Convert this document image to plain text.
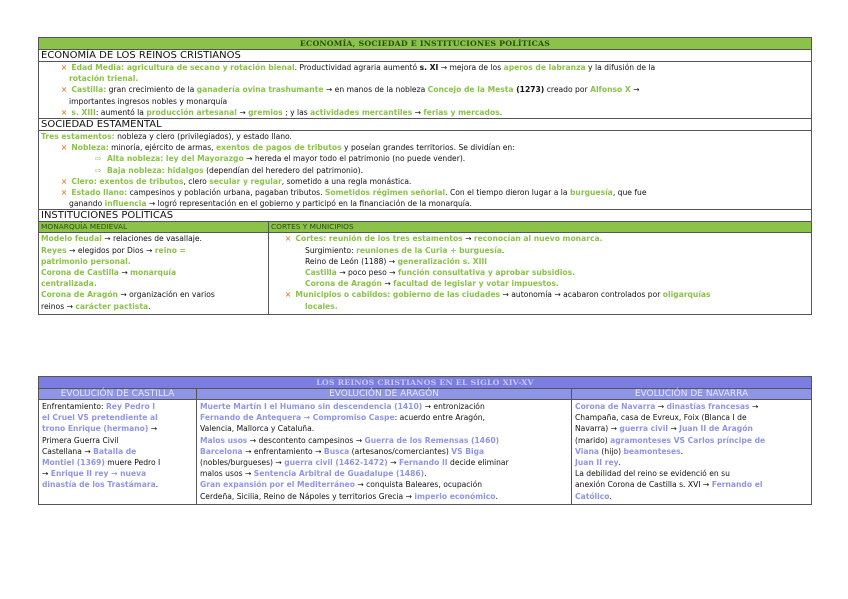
ECONOMÍA, SOCIEDAD E INSTITUCIONES POLÍTICAS
ECONOMÍA DE LOS REINOS CRISTIANOS
× Edad Media: agricultura de secano y rotación bienal. Productividad agraria aumentó s. XI → mejora de los aperos de labranza y la difusión de la
rotación trienal.
× Castilla: gran crecimiento de la ganadería ovina trashumante → en manos de la nobleza Concejo de la Mesta (1273) creado por Alfonso X →
importantes ingresos nobles y monarquía
× s. XIII: aumentó la producción artesanal → gremios ; y las actividades mercantiles → ferias y mercados.
SOCIEDAD ESTAMENTAL
Tres estamentos: nobleza y clero (privilegiados), y estado llano.
× Nobleza: minoría, ejército de armas, exentos de pagos de tributos y poseían grandes territorios. Se dividían en:
⇨ Alta nobleza: ley del Mayorazgo → hereda el mayor todo el patrimonio (no puede vender).
⇨ Baja nobleza: hidalgos (dependían del heredero del patrimonio).
× Clero: exentos de tributos, clero secular y regular, sometido a una regla monástica.
× Estado llano: campesinos y población urbana, pagaban tributos. Sometidos régimen señorial. Con el tiempo dieron lugar a la burguesía, que fue
ganando influencia → logró representación en el gobierno y participó en la financiación de la monarquía.
INSTITUCIONES POLÍTICAS
MONARQUÍA MEDIEVAL
Modelo feudal → relaciones de vasallaje.
Reyes → elegidos por Dios → reino =
patrimonio personal.
Corona de Castilla → monarquía
centralizada.
Corona de Aragón → organización en varios
reinos → carácter pactista.
CORTES Y MUNICIPIOS
× Cortes: reunión de los tres estamentos → reconocían al nuevo monarca.
Surgimiento: reuniones de la Curia + burguesía.
Reino de León (1188) → generalización s. XIII
Castilla → poco peso → función consultativa y aprobar subsidios.
Corona de Aragón → facultad de legislar y votar impuestos.
× Municipios o cabildos: gobierno de las ciudades → autonomía → acabaron controlados por oligarquías
locales.
LOS REINOS CRISTIANOS EN EL SIGLO XIV-XV
EVOLUCIÓN DE CASTILLA
Enfrentamiento: Rey Pedro I
el Cruel VS pretendiente al
trono Enrique (hermano) →
Primera Guerra Civil
Castellana → Batalla de
Montiel (1369) muere Pedro I
→ Enrique II rey → nueva
dinastía de los Trastámara.
EVOLUCIÓN DE ARAGÓN
Muerte Martín I el Humano sin descendencia (1410) → entronización
Fernando de Antequera → Compromiso Caspe: acuerdo entre Aragón,
Valencia, Mallorca y Cataluña.
Malos usos → descontento campesinos → Guerra de los Remensas (1460)
Barcelona → enfrentamiento → Busca (artesanos/comerciantes) VS Biga
(nobles/burgueses) → guerra civil (1462-1472) → Fernando II decide eliminar
malos usos → Sentencia Arbitral de Guadalupe (1486).
Gran expansión por el Mediterráneo → conquista Baleares, ocupación
Cerdeña, Sicilia, Reino de Nápoles y territorios Grecia → imperio económico.
EVOLUCIÓN DE NAVARRA
Corona de Navarra → dinastías francesas →
Champaña, casa de Evreux, Foix (Blanca I de
Navarra) → guerra civil → Juan II de Aragón
(marido) agramonteses VS Carlos príncipe de
Viana (hijo) beamonteses.
Juan II rey.
La debilidad del reino se evidenció en su
anexión Corona de Castilla s. XVI → Fernando el
Católico.
